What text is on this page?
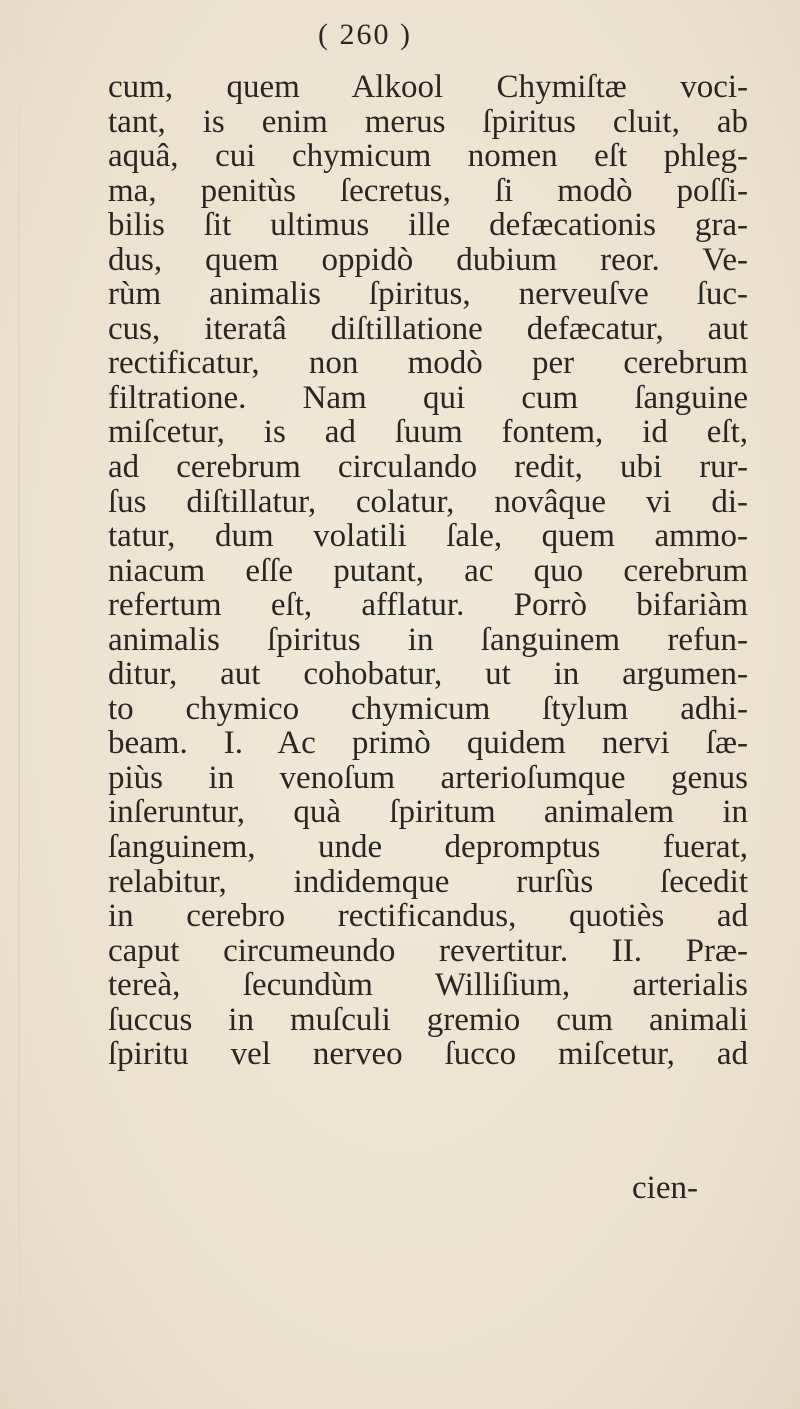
( 260 )
cum, quem Alkool Chymiſtæ voci-
tant, is enim merus ſpiritus cluit, ab
aquâ, cui chymicum nomen eſt phleg-
ma, penitùs ſecretus, ſi modò poſſi-
bilis ſit ultimus ille defæcationis gra-
dus, quem oppidò dubium reor. Ve-
rùm animalis ſpiritus, nerveuſve ſuc-
cus, iteratâ diſtillatione defæcatur, aut
rectificatur, non modò per cerebrum
filtratione. Nam qui cum ſanguine
miſcetur, is ad ſuum fontem, id eſt,
ad cerebrum circulando redit, ubi rur-
ſus diſtillatur, colatur, novâque vi di-
tatur, dum volatili ſale, quem ammo-
niacum eſſe putant, ac quo cerebrum
refertum eſt, afflatur. Porrò bifariàm
animalis ſpiritus in ſanguinem refun-
ditur, aut cohobatur, ut in argumen-
to chymico chymicum ſtylum adhi-
beam. I. Ac primò quidem nervi ſæ-
piùs in venoſum arterioſumque genus
inſeruntur, quà ſpiritum animalem in
ſanguinem, unde depromptus fuerat,
relabitur, indidemque rurſùs ſecedit
in cerebro rectificandus, quotiès ad
caput circumeundo revertitur. II. Præ-
tereà, ſecundùm Williſium, arterialis
ſuccus in muſculi gremio cum animali
ſpiritu vel nerveo ſucco miſcetur, ad
cien-
